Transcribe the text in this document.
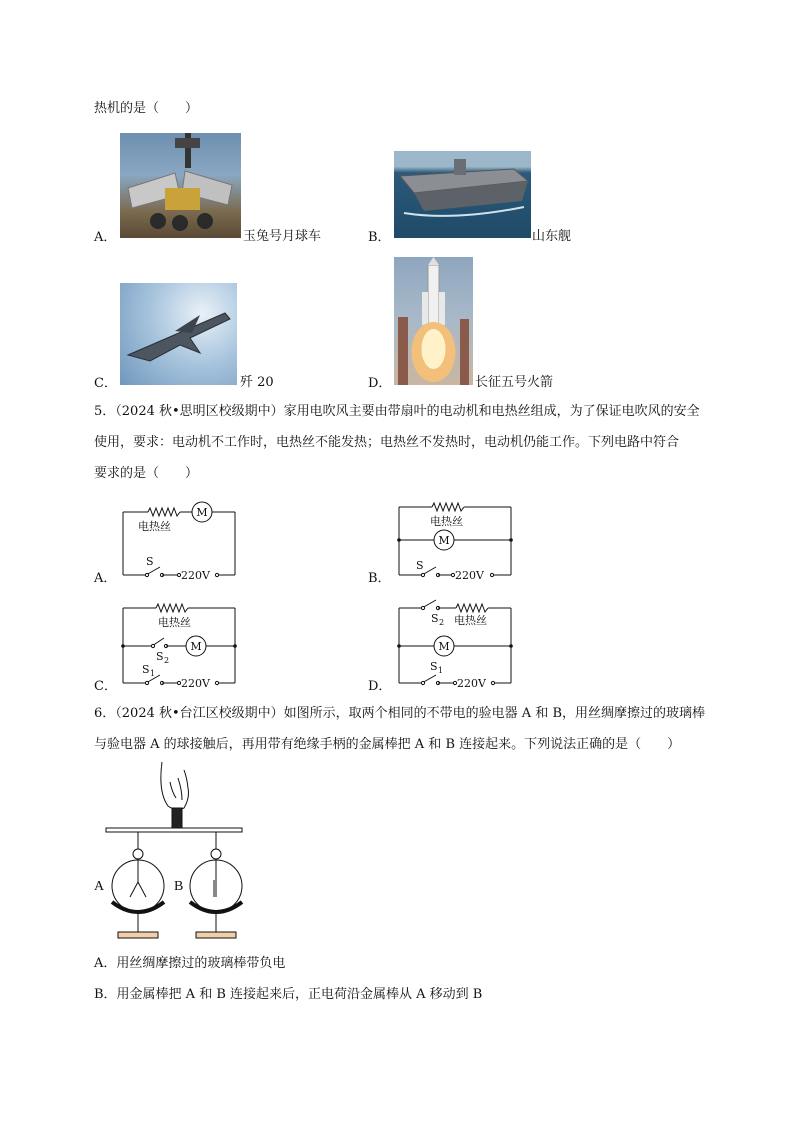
热机的是（　　）
A．	玉兔号月球车	B．	山东舰
C．	歼 20	D．	长征五号火箭
5．（2024 秋•思明区校级期中）家用电吹风主要由带扇叶的电动机和电热丝组成，为了保证电吹风的安全
使用，要求：电动机不工作时，电热丝不能发热；电热丝不发热时，电动机仍能工作。下列电路中符合
要求的是（　　）
A．
M
电热丝
S
220V	B．
M
电热丝
S
220V
C．
M
电热丝
S 2
S 1
220V	D．
M
S 2 电热丝
S 1
220V
6．（2024 秋•台江区校级期中）如图所示，取两个相同的不带电的验电器 A 和 B，用丝绸摩擦过的玻璃棒
与验电器 A 的球接触后，再用带有绝缘手柄的金属棒把 A 和 B 连接起来。下列说法正确的是（　　）
A	B
A．用丝绸摩擦过的玻璃棒带负电
B．用金属棒把 A 和 B 连接起来后，正电荷沿金属棒从 A 移动到 B
